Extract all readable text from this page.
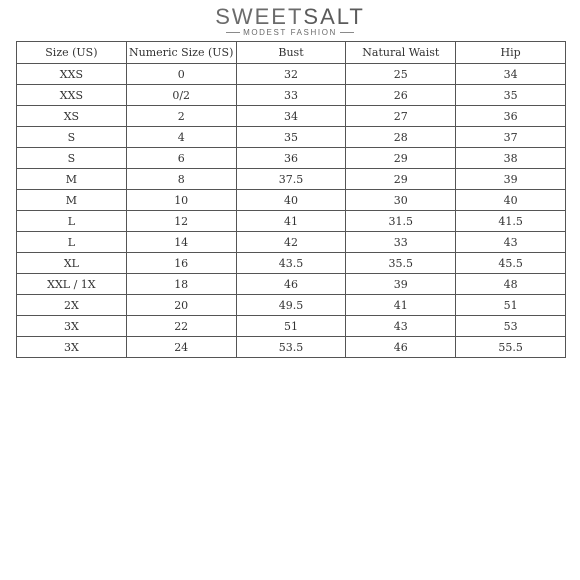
SWEETSALT
MODEST FASHION
Size (US)	Numeric Size (US)	Bust	Natural Waist	Hip
XXS	0	32	25	34
XXS	0/2	33	26	35
XS	2	34	27	36
S	4	35	28	37
S	6	36	29	38
M	8	37.5	29	39
M	10	40	30	40
L	12	41	31.5	41.5
L	14	42	33	43
XL	16	43.5	35.5	45.5
XXL / 1X	18	46	39	48
2X	20	49.5	41	51
3X	22	51	43	53
3X	24	53.5	46	55.5
